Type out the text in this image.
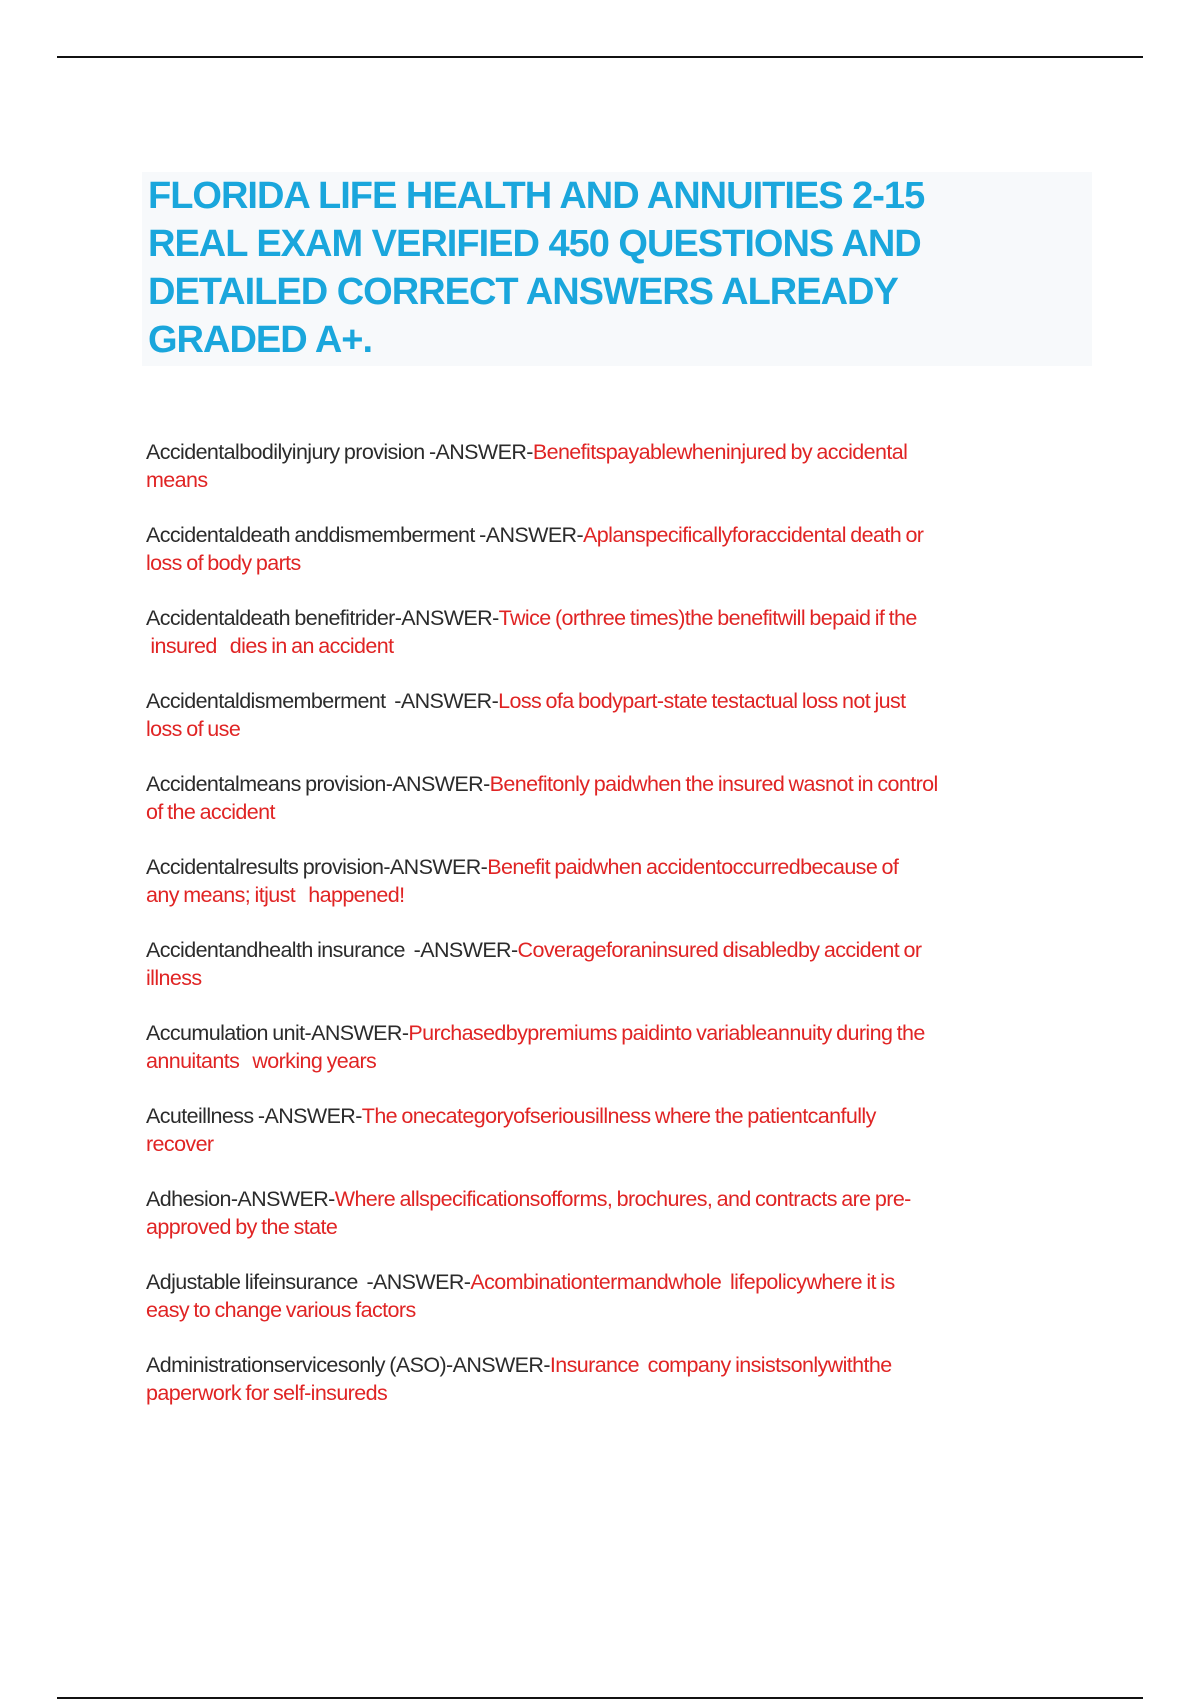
FLORIDA LIFE HEALTH AND ANNUITIES 2-15
REAL EXAM VERIFIED 450 QUESTIONS AND
DETAILED CORRECT ANSWERS ALREADY
GRADED A+.
Accidentalbodilyinjury provision -ANSWER-Benefitspayablewheninjured by accidental
means
Accidentaldeath anddismemberment -ANSWER-Aplanspecificallyforaccidental death or
loss of body parts
Accidentaldeath benefitrider-ANSWER-Twice (orthree times)the benefitwill bepaid if the
insured   dies in an accident
Accidentaldismemberment  -ANSWER-Loss ofa bodypart-state testactual loss not just
loss of use
Accidentalmeans provision-ANSWER-Benefitonly paidwhen the insured wasnot in control
of the accident
Accidentalresults provision-ANSWER-Benefit paidwhen accidentoccurredbecause of
any means; itjust   happened!
Accidentandhealth insurance  -ANSWER-Coverageforaninsured disabledby accident or
illness
Accumulation unit-ANSWER-Purchasedbypremiums paidinto variableannuity during the
annuitants   working years
Acuteillness -ANSWER-The onecategoryofseriousillness where the patientcanfully
recover
Adhesion-ANSWER-Where allspecificationsofforms, brochures, and contracts are pre-
approved by the state
Adjustable lifeinsurance  -ANSWER-Acombinationtermandwhole  lifepolicywhere it is
easy to change various factors
Administrationservicesonly (ASO)-ANSWER-Insurance  company insistsonlywiththe
paperwork for self-insureds
